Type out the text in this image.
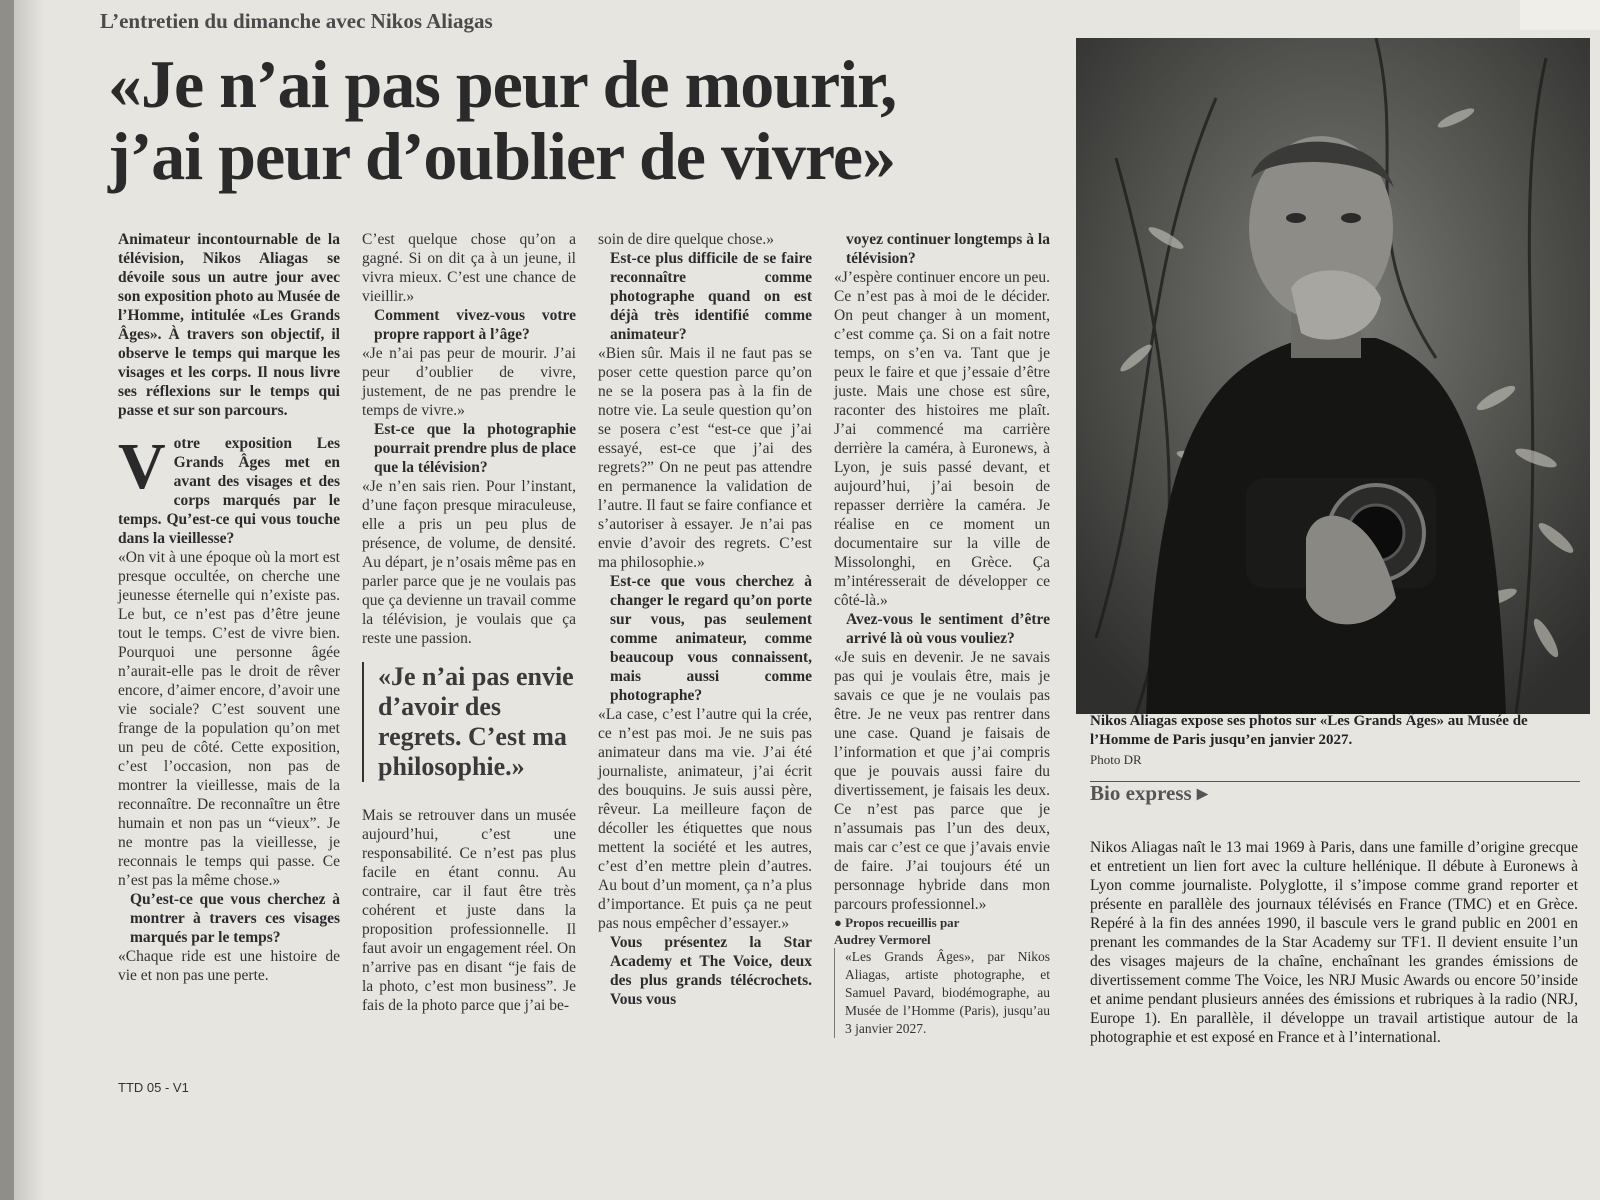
L’entretien du dimanche avec Nikos Aliagas
«Je n’ai pas peur de mourir,
j’ai peur d’oublier de vivre»

Animateur incontournable de la télévision, Nikos Aliagas se dévoile sous un autre jour avec son exposition photo au Musée de l’Homme, intitulée «Les Grands Âges». À travers son objectif, il observe le temps qui marque les visages et les corps. Il nous livre ses réflexions sur le temps qui passe et sur son parcours.

V otre exposition Les Grands Âges met en avant des visages et des corps marqués par le temps. Qu’est-ce qui vous touche dans la vieillesse?

«On vit à une époque où la mort est presque occultée, on cherche une jeunesse éternelle qui n’existe pas. Le but, ce n’est pas d’être jeune tout le temps. C’est de vivre bien. Pourquoi une personne âgée n’aurait-elle pas le droit de rêver encore, d’aimer encore, d’avoir une vie sociale? C’est souvent une frange de la population qu’on met un peu de côté. Cette exposition, c’est l’occasion, non pas de montrer la vieillesse, mais de la reconnaître. De reconnaître un être humain et non pas un “vieux”. Je ne montre pas la vieillesse, je reconnais le temps qui passe. Ce n’est pas la même chose.»

Qu’est-ce que vous cherchez à montrer à travers ces visages marqués par le temps?

«Chaque ride est une histoire de vie et non pas une perte.

C’est quelque chose qu’on a gagné. Si on dit ça à un jeune, il vivra mieux. C’est une chance de vieillir.»

Comment vivez-vous votre propre rapport à l’âge?

«Je n’ai pas peur de mourir. J’ai peur d’oublier de vivre, justement, de ne pas prendre le temps de vivre.»

Est-ce que la photographie pourrait prendre plus de place que la télévision?

«Je n’en sais rien. Pour l’instant, d’une façon presque miraculeuse, elle a pris un peu plus de présence, de volume, de densité. Au départ, je n’osais même pas en parler parce que je ne voulais pas que ça devienne un travail comme la télévision, je voulais que ça reste une passion.

«Je n’ai pas envie d’avoir des regrets. C’est ma philosophie.»

Mais se retrouver dans un musée aujourd’hui, c’est une responsabilité. Ce n’est pas plus facile en étant connu. Au contraire, car il faut être très cohérent et juste dans la proposition professionnelle. Il faut avoir un engagement réel. On n’arrive pas en disant “je fais de la photo, c’est mon business”. Je fais de la photo parce que j’ai be-

soin de dire quelque chose.»

Est-ce plus difficile de se faire reconnaître comme photographe quand on est déjà très identifié comme animateur?

«Bien sûr. Mais il ne faut pas se poser cette question parce qu’on ne se la posera pas à la fin de notre vie. La seule question qu’on se posera c’est “est-ce que j’ai essayé, est-ce que j’ai des regrets?” On ne peut pas attendre en permanence la validation de l’autre. Il faut se faire confiance et s’autoriser à essayer. Je n’ai pas envie d’avoir des regrets. C’est ma philosophie.»

Est-ce que vous cherchez à changer le regard qu’on porte sur vous, pas seulement comme animateur, comme beaucoup vous connaissent, mais aussi comme photographe?

«La case, c’est l’autre qui la crée, ce n’est pas moi. Je ne suis pas animateur dans ma vie. J’ai été journaliste, animateur, j’ai écrit des bouquins. Je suis aussi père, rêveur. La meilleure façon de décoller les étiquettes que nous mettent la société et les autres, c’est d’en mettre plein d’autres. Au bout d’un moment, ça n’a plus d’importance. Et puis ça ne peut pas nous empêcher d’essayer.»

Vous présentez la Star Academy et The Voice, deux des plus grands télécrochets. Vous vous

voyez continuer longtemps à la télévision?

«J’espère continuer encore un peu. Ce n’est pas à moi de le décider. On peut changer à un moment, c’est comme ça. Si on a fait notre temps, on s’en va. Tant que je peux le faire et que j’essaie d’être juste. Mais une chose est sûre, raconter des histoires me plaît. J’ai commencé ma carrière derrière la caméra, à Euronews, à Lyon, je suis passé devant, et aujourd’hui, j’ai besoin de repasser derrière la caméra. Je réalise en ce moment un documentaire sur la ville de Missolonghi, en Grèce. Ça m’intéresserait de développer ce côté-là.»

Avez-vous le sentiment d’être arrivé là où vous vouliez?

«Je suis en devenir. Je ne savais pas qui je voulais être, mais je savais ce que je ne voulais pas être. Je ne veux pas rentrer dans une case. Quand je faisais de l’information et que j’ai compris que je pouvais aussi faire du divertissement, je faisais les deux. Ce n’est pas parce que je n’assumais pas l’un des deux, mais car c’est ce que j’avais envie de faire. J’ai toujours été un personnage hybride dans mon parcours professionnel.»

● Propos recueillis par
Audrey Vermorel

«Les Grands Âges», par Nikos Aliagas, artiste photographe, et Samuel Pavard, biodémographe, au Musée de l’Homme (Paris), jusqu’au 3 janvier 2027.

Nikos Aliagas expose ses photos sur «Les Grands Âges» au Musée de l’Homme de Paris jusqu’en janvier 2027.
Photo DR
Bio express ▸

Nikos Aliagas naît le 13 mai 1969 à Paris, dans une famille d’origine grecque et entretient un lien fort avec la culture hellénique. Il débute à Euronews à Lyon comme journaliste. Polyglotte, il s’impose comme grand reporter et présente en parallèle des journaux télévisés en France (TMC) et en Grèce. Repéré à la fin des années 1990, il bascule vers le grand public en 2001 en prenant les commandes de la Star Academy sur TF1. Il devient ensuite l’un des visages majeurs de la chaîne, enchaînant les grandes émissions de divertissement comme The Voice, les NRJ Music Awards ou encore 50’inside et anime pendant plusieurs années des émissions et rubriques à la radio (NRJ, Europe 1). En parallèle, il développe un travail artistique autour de la photographie et est exposé en France et à l’international.

TTD 05 - V1
